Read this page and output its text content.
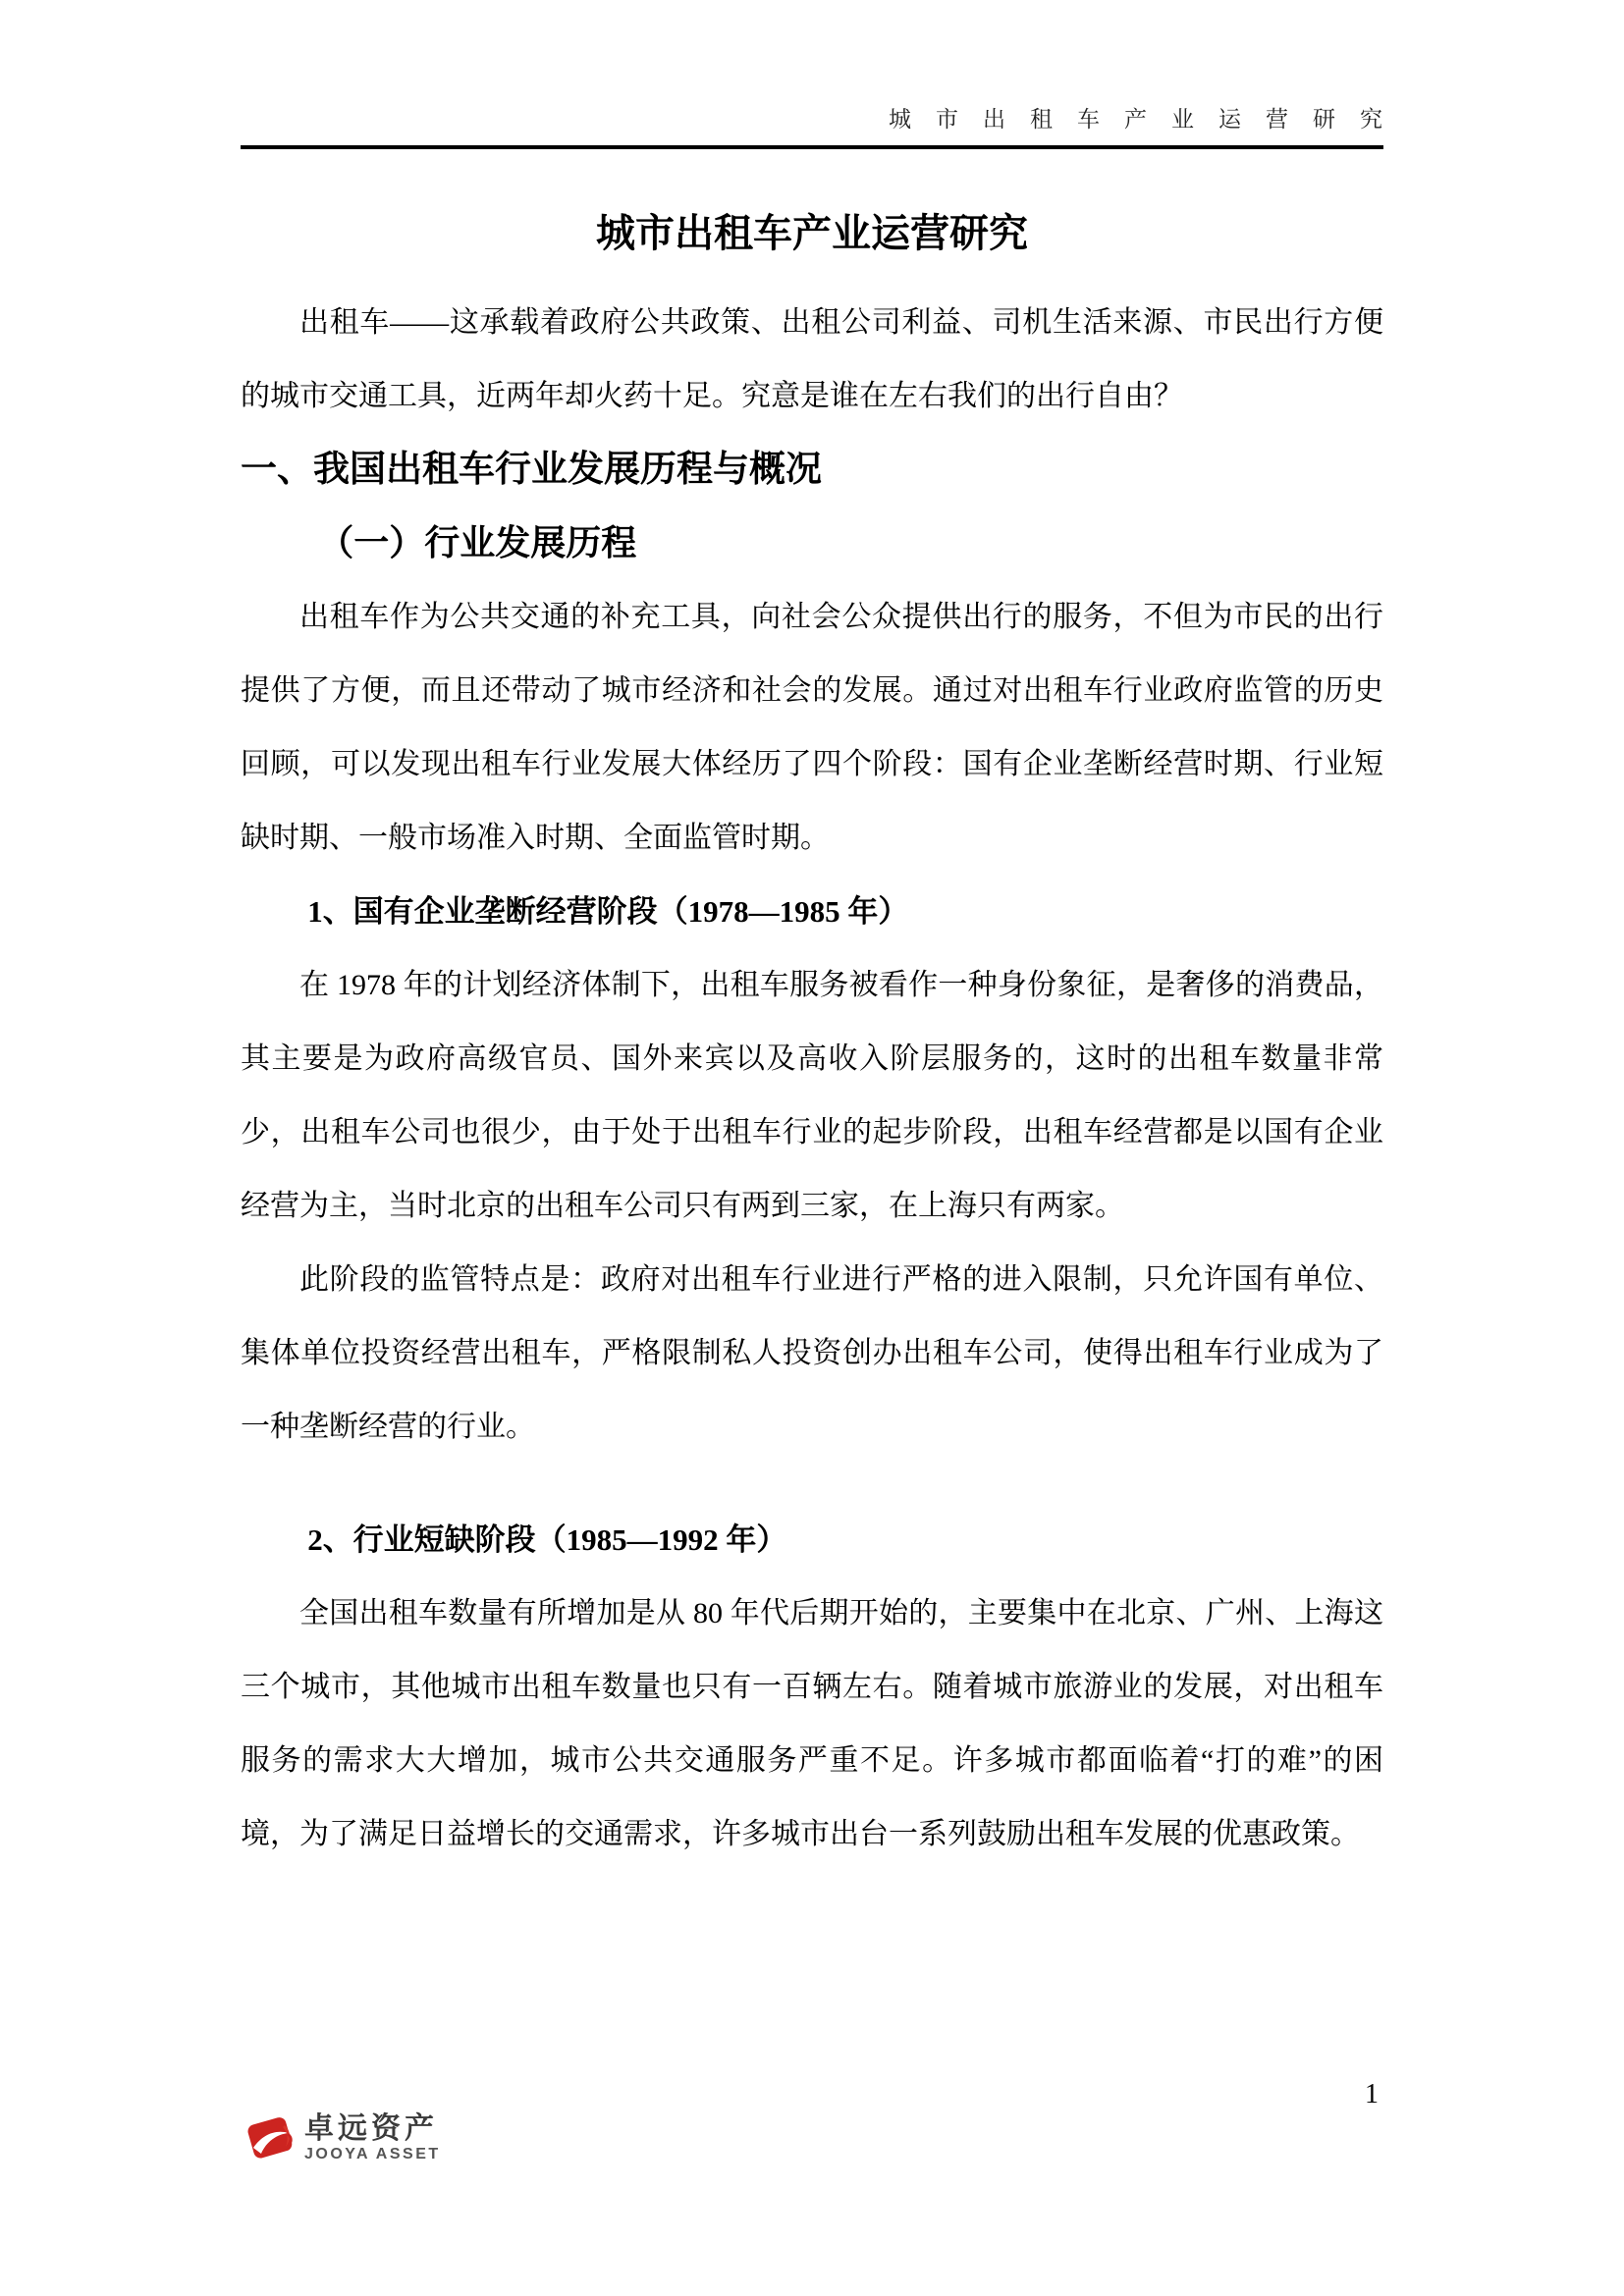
城市出租车产业运营研究
城市出租车产业运营研究

出租车——这承载着政府公共政策、出租公司利益、司机生活来源、市民出行方便的城市交通工具，近两年却火药十足。究意是谁在左右我们的出行自由？

一、我国出租车行业发展历程与概况
（一）行业发展历程

出租车作为公共交通的补充工具，向社会公众提供出行的服务，不但为市民的出行提供了方便，而且还带动了城市经济和社会的发展。通过对出租车行业政府监管的历史回顾，可以发现出租车行业发展大体经历了四个阶段：国有企业垄断经营时期、行业短缺时期、一般市场准入时期、全面监管时期。

1、国有企业垄断经营阶段（1978—1985 年）

在 1978 年的计划经济体制下，出租车服务被看作一种身份象征，是奢侈的消费品，其主要是为政府高级官员、国外来宾以及高收入阶层服务的，这时的出租车数量非常少，出租车公司也很少，由于处于出租车行业的起步阶段，出租车经营都是以国有企业经营为主，当时北京的出租车公司只有两到三家，在上海只有两家。

此阶段的监管特点是：政府对出租车行业进行严格的进入限制，只允许国有单位、集体单位投资经营出租车，严格限制私人投资创办出租车公司，使得出租车行业成为了一种垄断经营的行业。

2、行业短缺阶段（1985—1992 年）

全国出租车数量有所增加是从 80 年代后期开始的，主要集中在北京、广州、上海这三个城市，其他城市出租车数量也只有一百辆左右。随着城市旅游业的发展，对出租车服务的需求大大增加，城市公共交通服务严重不足。许多城市都面临着“打的难”的困境，为了满足日益增长的交通需求，许多城市出台一系列鼓励出租车发展的优惠政策。

卓远资产
JOOYA ASSET
1
